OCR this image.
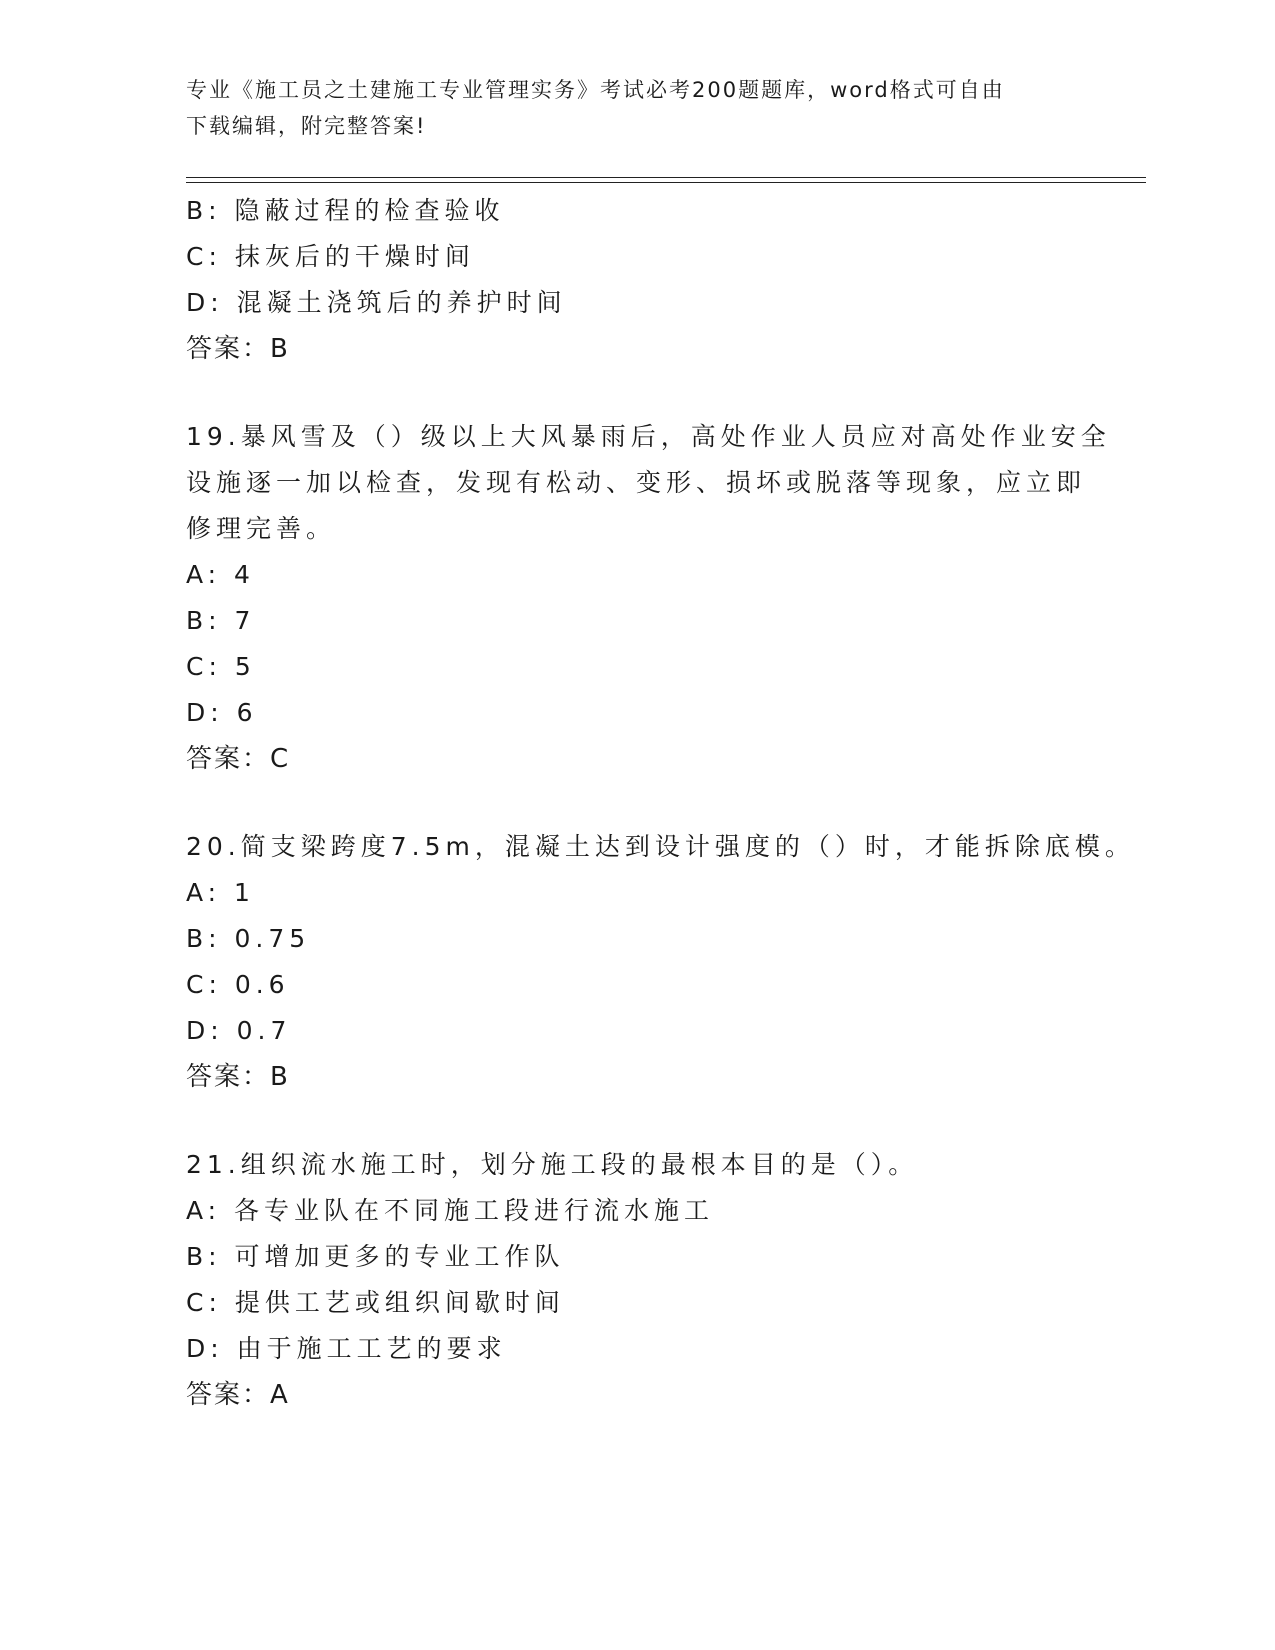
专业《施工员之土建施工专业管理实务》考试必考200题题库，word格式可自由
下载编辑，附完整答案!
B: 隐蔽过程的检查验收
C: 抹灰后的干燥时间
D: 混凝土浇筑后的养护时间
答案：B
19.暴风雪及（）级以上大风暴雨后，高处作业人员应对高处作业安全
设施逐一加以检查，发现有松动、变形、损坏或脱落等现象，应立即
修理完善。
A: 4
B: 7
C: 5
D: 6
答案：C
20.简支梁跨度7.5m，混凝土达到设计强度的（）时，才能拆除底模。
A: 1
B: 0.75
C: 0.6
D: 0.7
答案：B
21.组织流水施工时，划分施工段的最根本目的是（）。
A: 各专业队在不同施工段进行流水施工
B: 可增加更多的专业工作队
C: 提供工艺或组织间歇时间
D: 由于施工工艺的要求
答案：A
